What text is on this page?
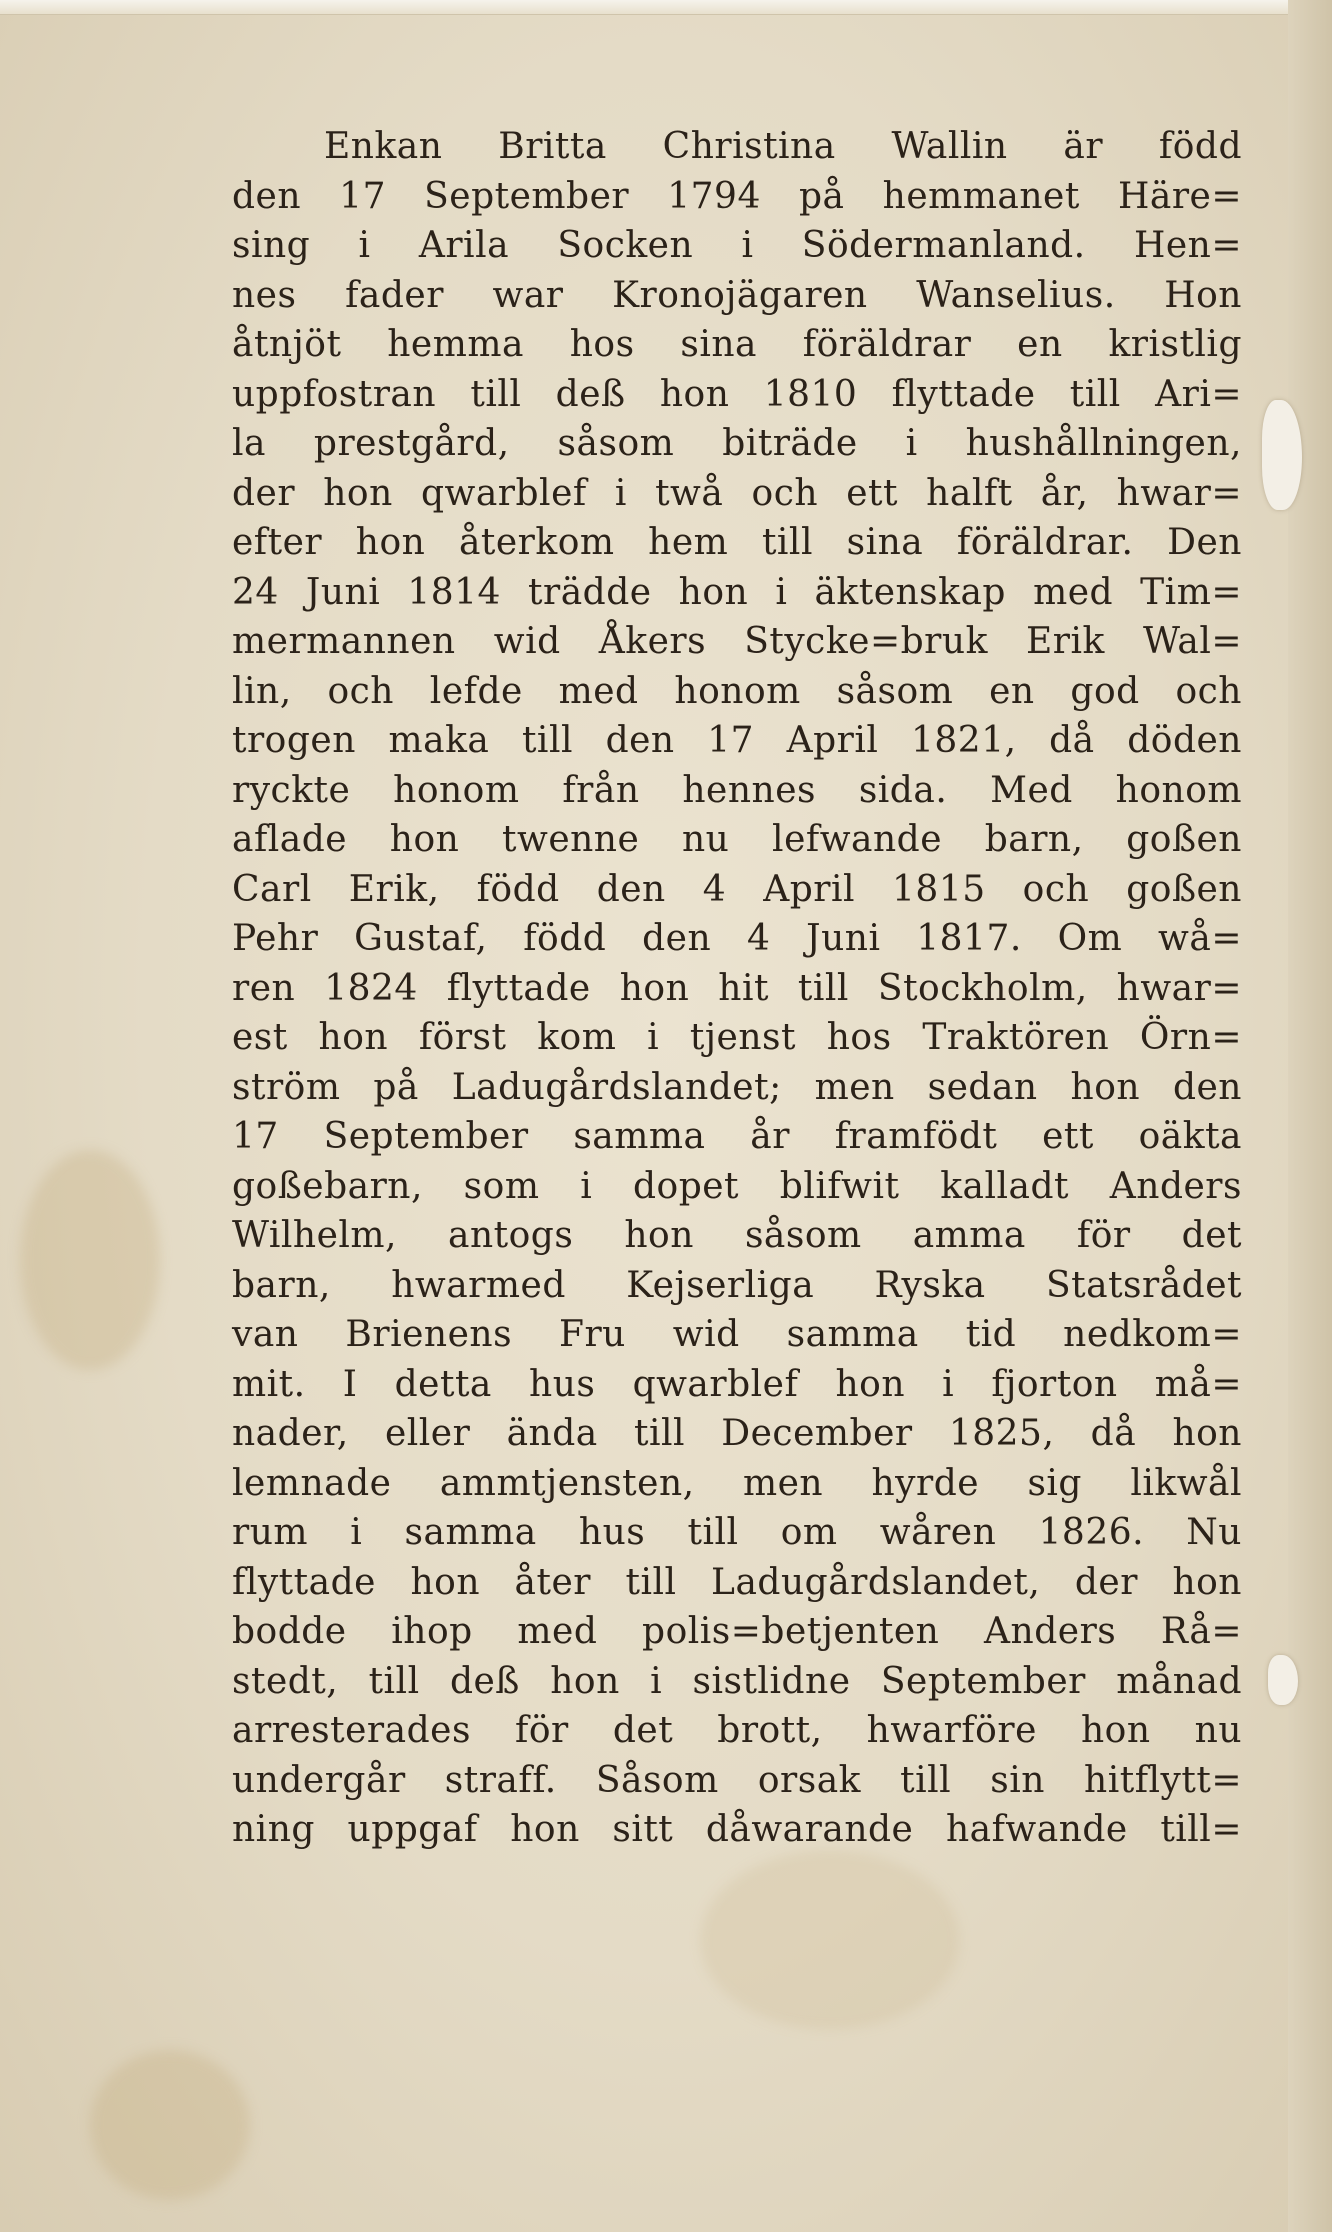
Enkan Britta Christina Wallin är född
den 17 September 1794 på hemmanet Häre=
sing i Arila Socken i Södermanland. Hen=
nes fader war Kronojägaren Wanselius. Hon
åtnjöt hemma hos sina föräldrar en kristlig
uppfostran till deß hon 1810 flyttade till Ari=
la prestgård, såsom biträde i hushållningen,
der hon qwarblef i twå och ett halft år, hwar=
efter hon återkom hem till sina föräldrar. Den
24 Juni 1814 trädde hon i äktenskap med Tim=
mermannen wid Åkers Stycke=bruk Erik Wal=
lin, och lefde med honom såsom en god och
trogen maka till den 17 April 1821, då döden
ryckte honom från hennes sida. Med honom
aflade hon twenne nu lefwande barn, goßen
Carl Erik, född den 4 April 1815 och goßen
Pehr Gustaf, född den 4 Juni 1817. Om wå=
ren 1824 flyttade hon hit till Stockholm, hwar=
est hon först kom i tjenst hos Traktören Örn=
ström på Ladugårdslandet; men sedan hon den
17 September samma år framfödt ett oäkta
goßebarn, som i dopet blifwit kalladt Anders
Wilhelm, antogs hon såsom amma för det
barn, hwarmed Kejserliga Ryska Statsrådet
van Brienens Fru wid samma tid nedkom=
mit. I detta hus qwarblef hon i fjorton må=
nader, eller ända till December 1825, då hon
lemnade ammtjensten, men hyrde sig likwål
rum i samma hus till om wåren 1826. Nu
flyttade hon åter till Ladugårdslandet, der hon
bodde ihop med polis=betjenten Anders Rå=
stedt, till deß hon i sistlidne September månad
arresterades för det brott, hwarföre hon nu
undergår straff. Såsom orsak till sin hitflytt=
ning uppgaf hon sitt dåwarande hafwande till=
